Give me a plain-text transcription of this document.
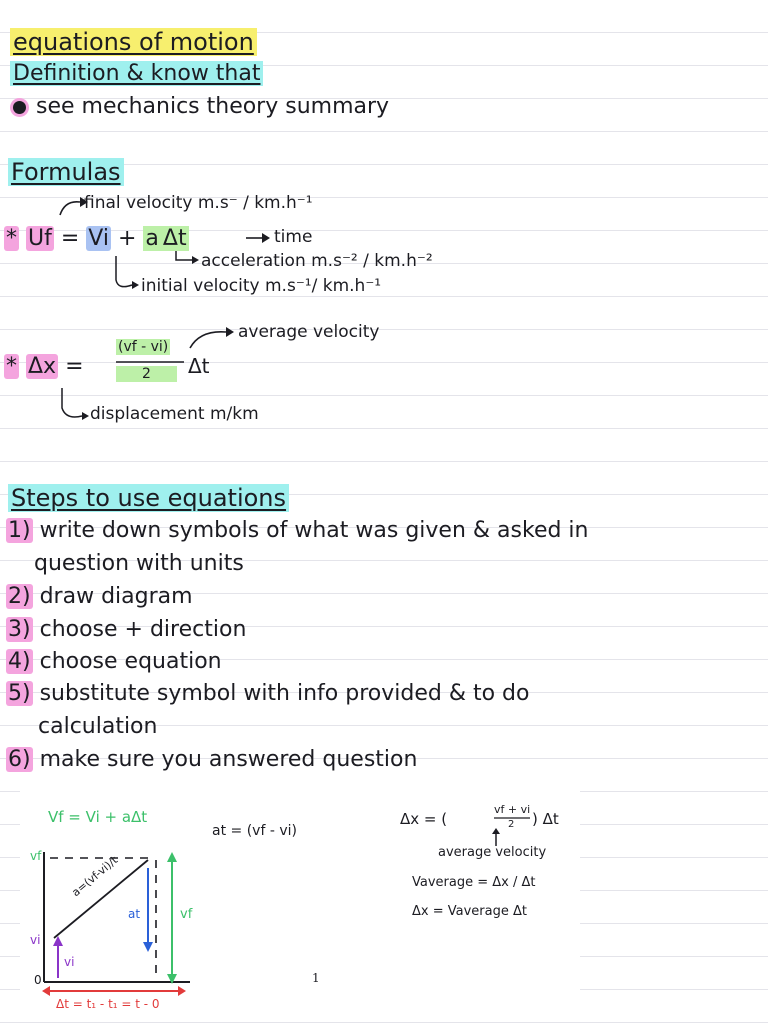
equations of motion
Definition & know that
see mechanics theory summary
Formulas
final velocity m.s⁻ / km.h⁻¹
* Uf = Vi + a Δt	time
acceleration m.s⁻² / km.h⁻²
initial velocity m.s⁻¹/ km.h⁻¹
(vf - vi)
average velocity
* Δx =	2	Δt
displacement m/km
Steps to use equations
1) write down symbols of what was given & asked in
question with units
2) draw diagram
3) choose + direction
4) choose equation
5) substitute symbol with info provided & to do
calculation
6) make sure you answered question
Vf = Vi + aΔt
vf
vi
0
a=(vf-vi)/t
at	vf
vi
Δt = t₁ - t₁ = t - 0
at = (vf - vi)
Δx = (
vf + vi
2 ) Δt
average velocity
Vaverage = Δx / Δt
Δx = Vaverage Δt
1
